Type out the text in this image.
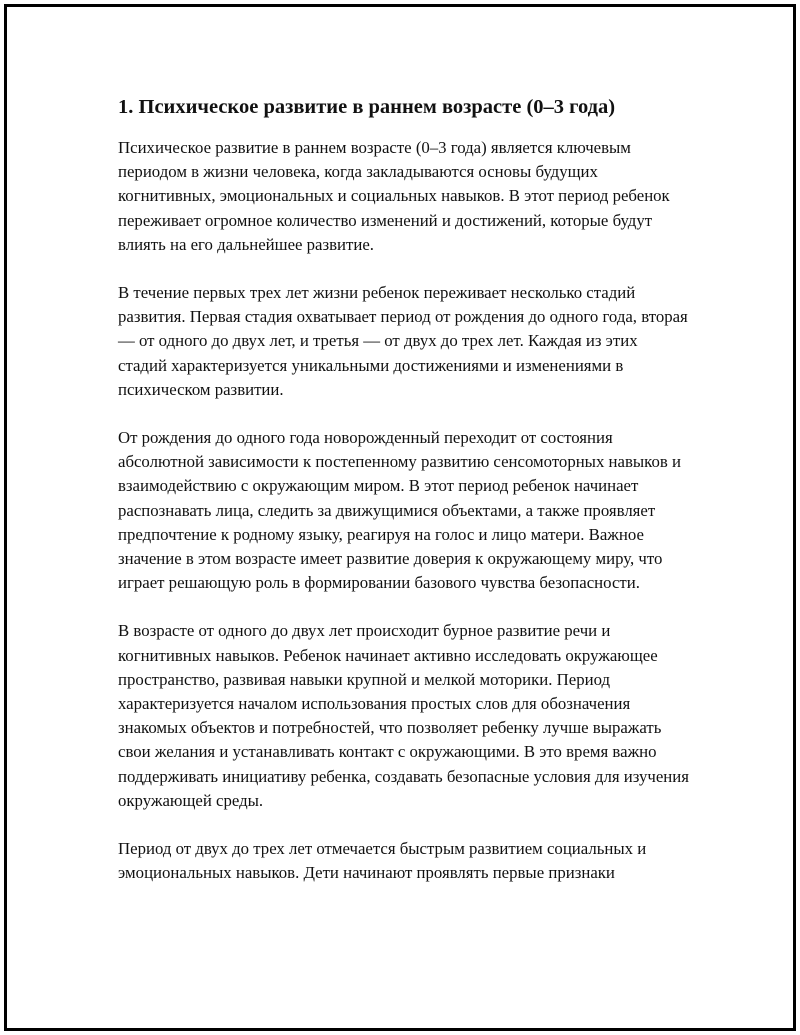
1. Психическое развитие в раннем возрасте (0–3 года)

Психическое развитие в раннем возрасте (0–3 года) является ключевым периодом в жизни человека, когда закладываются основы будущих когнитивных, эмоциональных и социальных навыков. В этот период ребенок переживает огромное количество изменений и достижений, которые будут влиять на его дальнейшее развитие.

В течение первых трех лет жизни ребенок переживает несколько стадий развития. Первая стадия охватывает период от рождения до одного года, вторая — от одного до двух лет, и третья — от двух до трех лет. Каждая из этих стадий характеризуется уникальными достижениями и изменениями в психическом развитии.

От рождения до одного года новорожденный переходит от состояния абсолютной зависимости к постепенному развитию сенсомоторных навыков и взаимодействию с окружающим миром. В этот период ребенок начинает распознавать лица, следить за движущимися объектами, а также проявляет предпочтение к родному языку, реагируя на голос и лицо матери. Важное значение в этом возрасте имеет развитие доверия к окружающему миру, что играет решающую роль в формировании базового чувства безопасности.

В возрасте от одного до двух лет происходит бурное развитие речи и когнитивных навыков. Ребенок начинает активно исследовать окружающее пространство, развивая навыки крупной и мелкой моторики. Период характеризуется началом использования простых слов для обозначения знакомых объектов и потребностей, что позволяет ребенку лучше выражать свои желания и устанавливать контакт с окружающими. В это время важно поддерживать инициативу ребенка, создавать безопасные условия для изучения окружающей среды.

Период от двух до трех лет отмечается быстрым развитием социальных и эмоциональных навыков. Дети начинают проявлять первые признаки
